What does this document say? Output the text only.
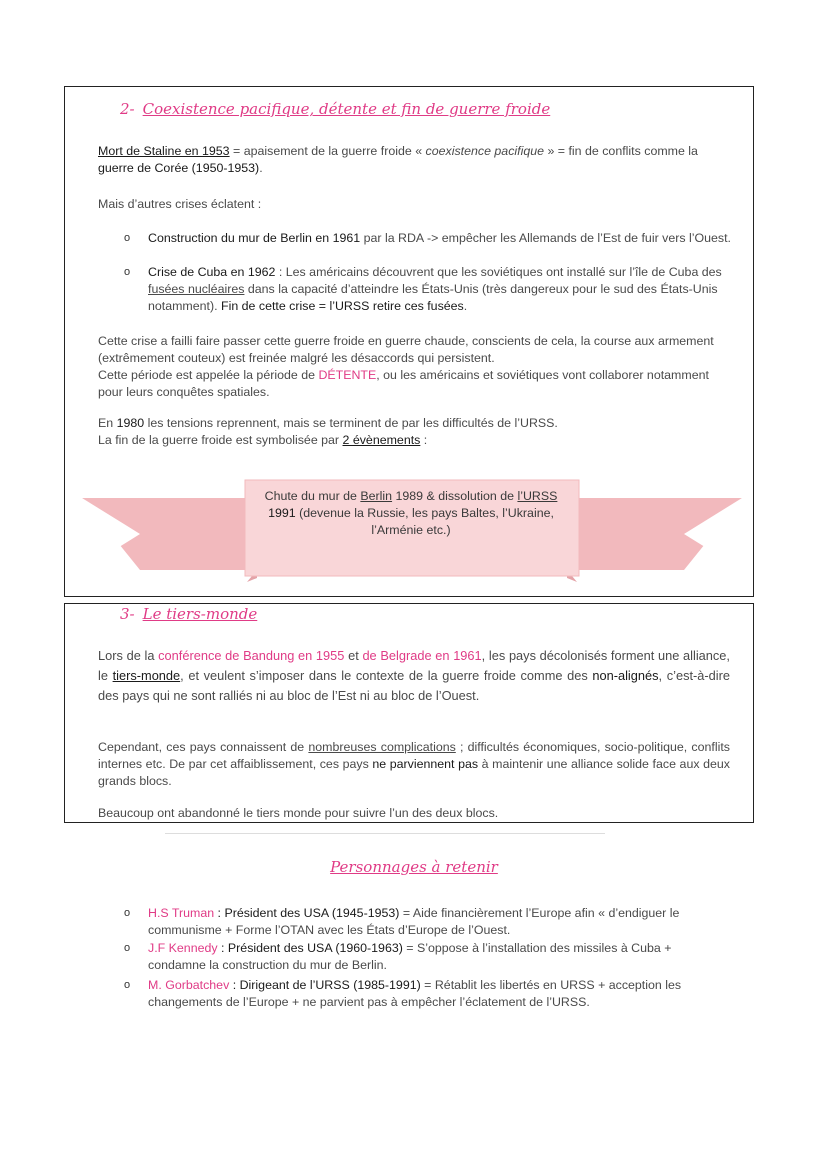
2- Coexistence pacifique, détente et fin de guerre froide
Mort de Staline en 1953 = apaisement de la guerre froide « coexistence pacifique » = fin de conflits comme la guerre de Corée (1950-1953).
Mais d’autres crises éclatent :
o Construction du mur de Berlin en 1961 par la RDA -> empêcher les Allemands de l’Est de fuir vers l’Ouest.
o Crise de Cuba en 1962 : Les américains découvrent que les soviétiques ont installé sur l’île de Cuba des fusées nucléaires dans la capacité d’atteindre les États-Unis (très dangereux pour le sud des États-Unis notamment). Fin de cette crise = l’URSS retire ces fusées.
Cette crise a failli faire passer cette guerre froide en guerre chaude, conscients de cela, la course aux armement (extrêmement couteux) est freinée malgré les désaccords qui persistent.
Cette période est appelée la période de DÉTENTE, ou les américains et soviétiques vont collaborer notamment pour leurs conquêtes spatiales.
En 1980 les tensions reprennent, mais se terminent de par les difficultés de l’URSS.
La fin de la guerre froide est symbolisée par 2 évènements :
Chute du mur de Berlin 1989 & dissolution de l’URSS
1991 (devenue la Russie, les pays Baltes, l’Ukraine, l’Arménie etc.)
3- Le tiers-monde
Lors de la conférence de Bandung en 1955 et de Belgrade en 1961, les pays décolonisés forment une alliance, le tiers-monde, et veulent s’imposer dans le contexte de la guerre froide comme des non-alignés, c’est-à-dire des pays qui ne sont ralliés ni au bloc de l’Est ni au bloc de l’Ouest.
Cependant, ces pays connaissent de nombreuses complications ; difficultés économiques, socio-politique, conflits internes etc. De par cet affaiblissement, ces pays ne parviennent pas à maintenir une alliance solide face aux deux grands blocs.
Beaucoup ont abandonné le tiers monde pour suivre l’un des deux blocs.
Personnages à retenir
o H.S Truman : Président des USA (1945-1953) = Aide financièrement l’Europe afin « d’endiguer le communisme + Forme l’OTAN avec les États d’Europe de l’Ouest.
o J.F Kennedy : Président des USA (1960-1963) = S’oppose à l’installation des missiles à Cuba + condamne la construction du mur de Berlin.
o M. Gorbatchev : Dirigeant de l’URSS (1985-1991) = Rétablit les libertés en URSS + acception les changements de l’Europe + ne parvient pas à empêcher l’éclatement de l’URSS.
